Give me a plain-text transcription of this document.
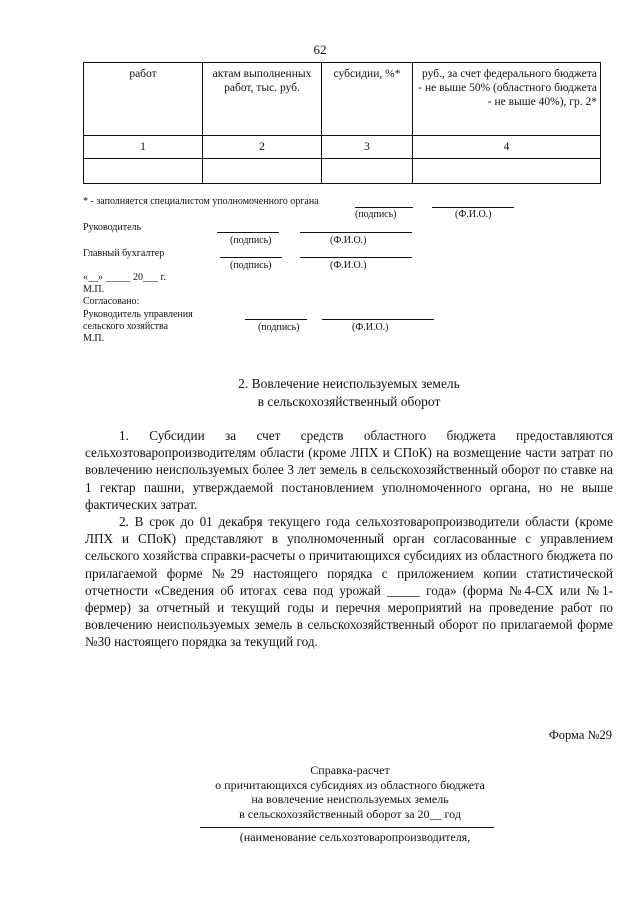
62
работ	актам выполненных работ, тыс. руб.	субсидии, %*	руб., за счет федерального бюджета - не выше 50% (областного бюджета - не выше 40%), гр. 2*
1	2	3	4

* - заполняется специалистом уполномоченного органа
(подпись)	(Ф.И.О.)
Руководитель
(подпись)	(Ф.И.О.)
Главный бухгалтер
(подпись)	(Ф.И.О.)
«__» _____ 20___ г.
М.П.
Согласовано:
Руководитель управления
сельского хозяйства	(подпись)	(Ф.И.О.)
М.П.
2. Вовлечение неиспользуемых земель
в сельскохозяйственный оборот

1. Субсидии за счет средств областного бюджета предоставляются сельхозтоваропроизводителям области (кроме ЛПХ и СПоК) на возмещение части затрат по вовлечению неиспользуемых более 3 лет земель в сельскохозяйственный оборот по ставке на 1 гектар пашни, утверждаемой постановлением уполномоченного органа, но не выше фактических затрат.

2. В срок до 01 декабря текущего года сельхозтоваропроизводители области (кроме ЛПХ и СПоК) представляют в уполномоченный орган согласованные с управлением сельского хозяйства справки-расчеты о причитающихся субсидиях из областного бюджета по прилагаемой форме №29 настоящего порядка с приложением копии статистической отчетности «Сведения об итогах сева под урожай _____ года» (форма №4-СХ или №1-фермер) за отчетный и текущий годы и перечня мероприятий на проведение работ по вовлечению неиспользуемых земель в сельскохозяйственный оборот по прилагаемой форме №30 настоящего порядка за текущий год.

Форма №29
Справка-расчет
о причитающихся субсидиях из областного бюджета
на вовлечение неиспользуемых земель
в сельскохозяйственный оборот за 20__ год
(наименование сельхозтоваропроизводителя,
